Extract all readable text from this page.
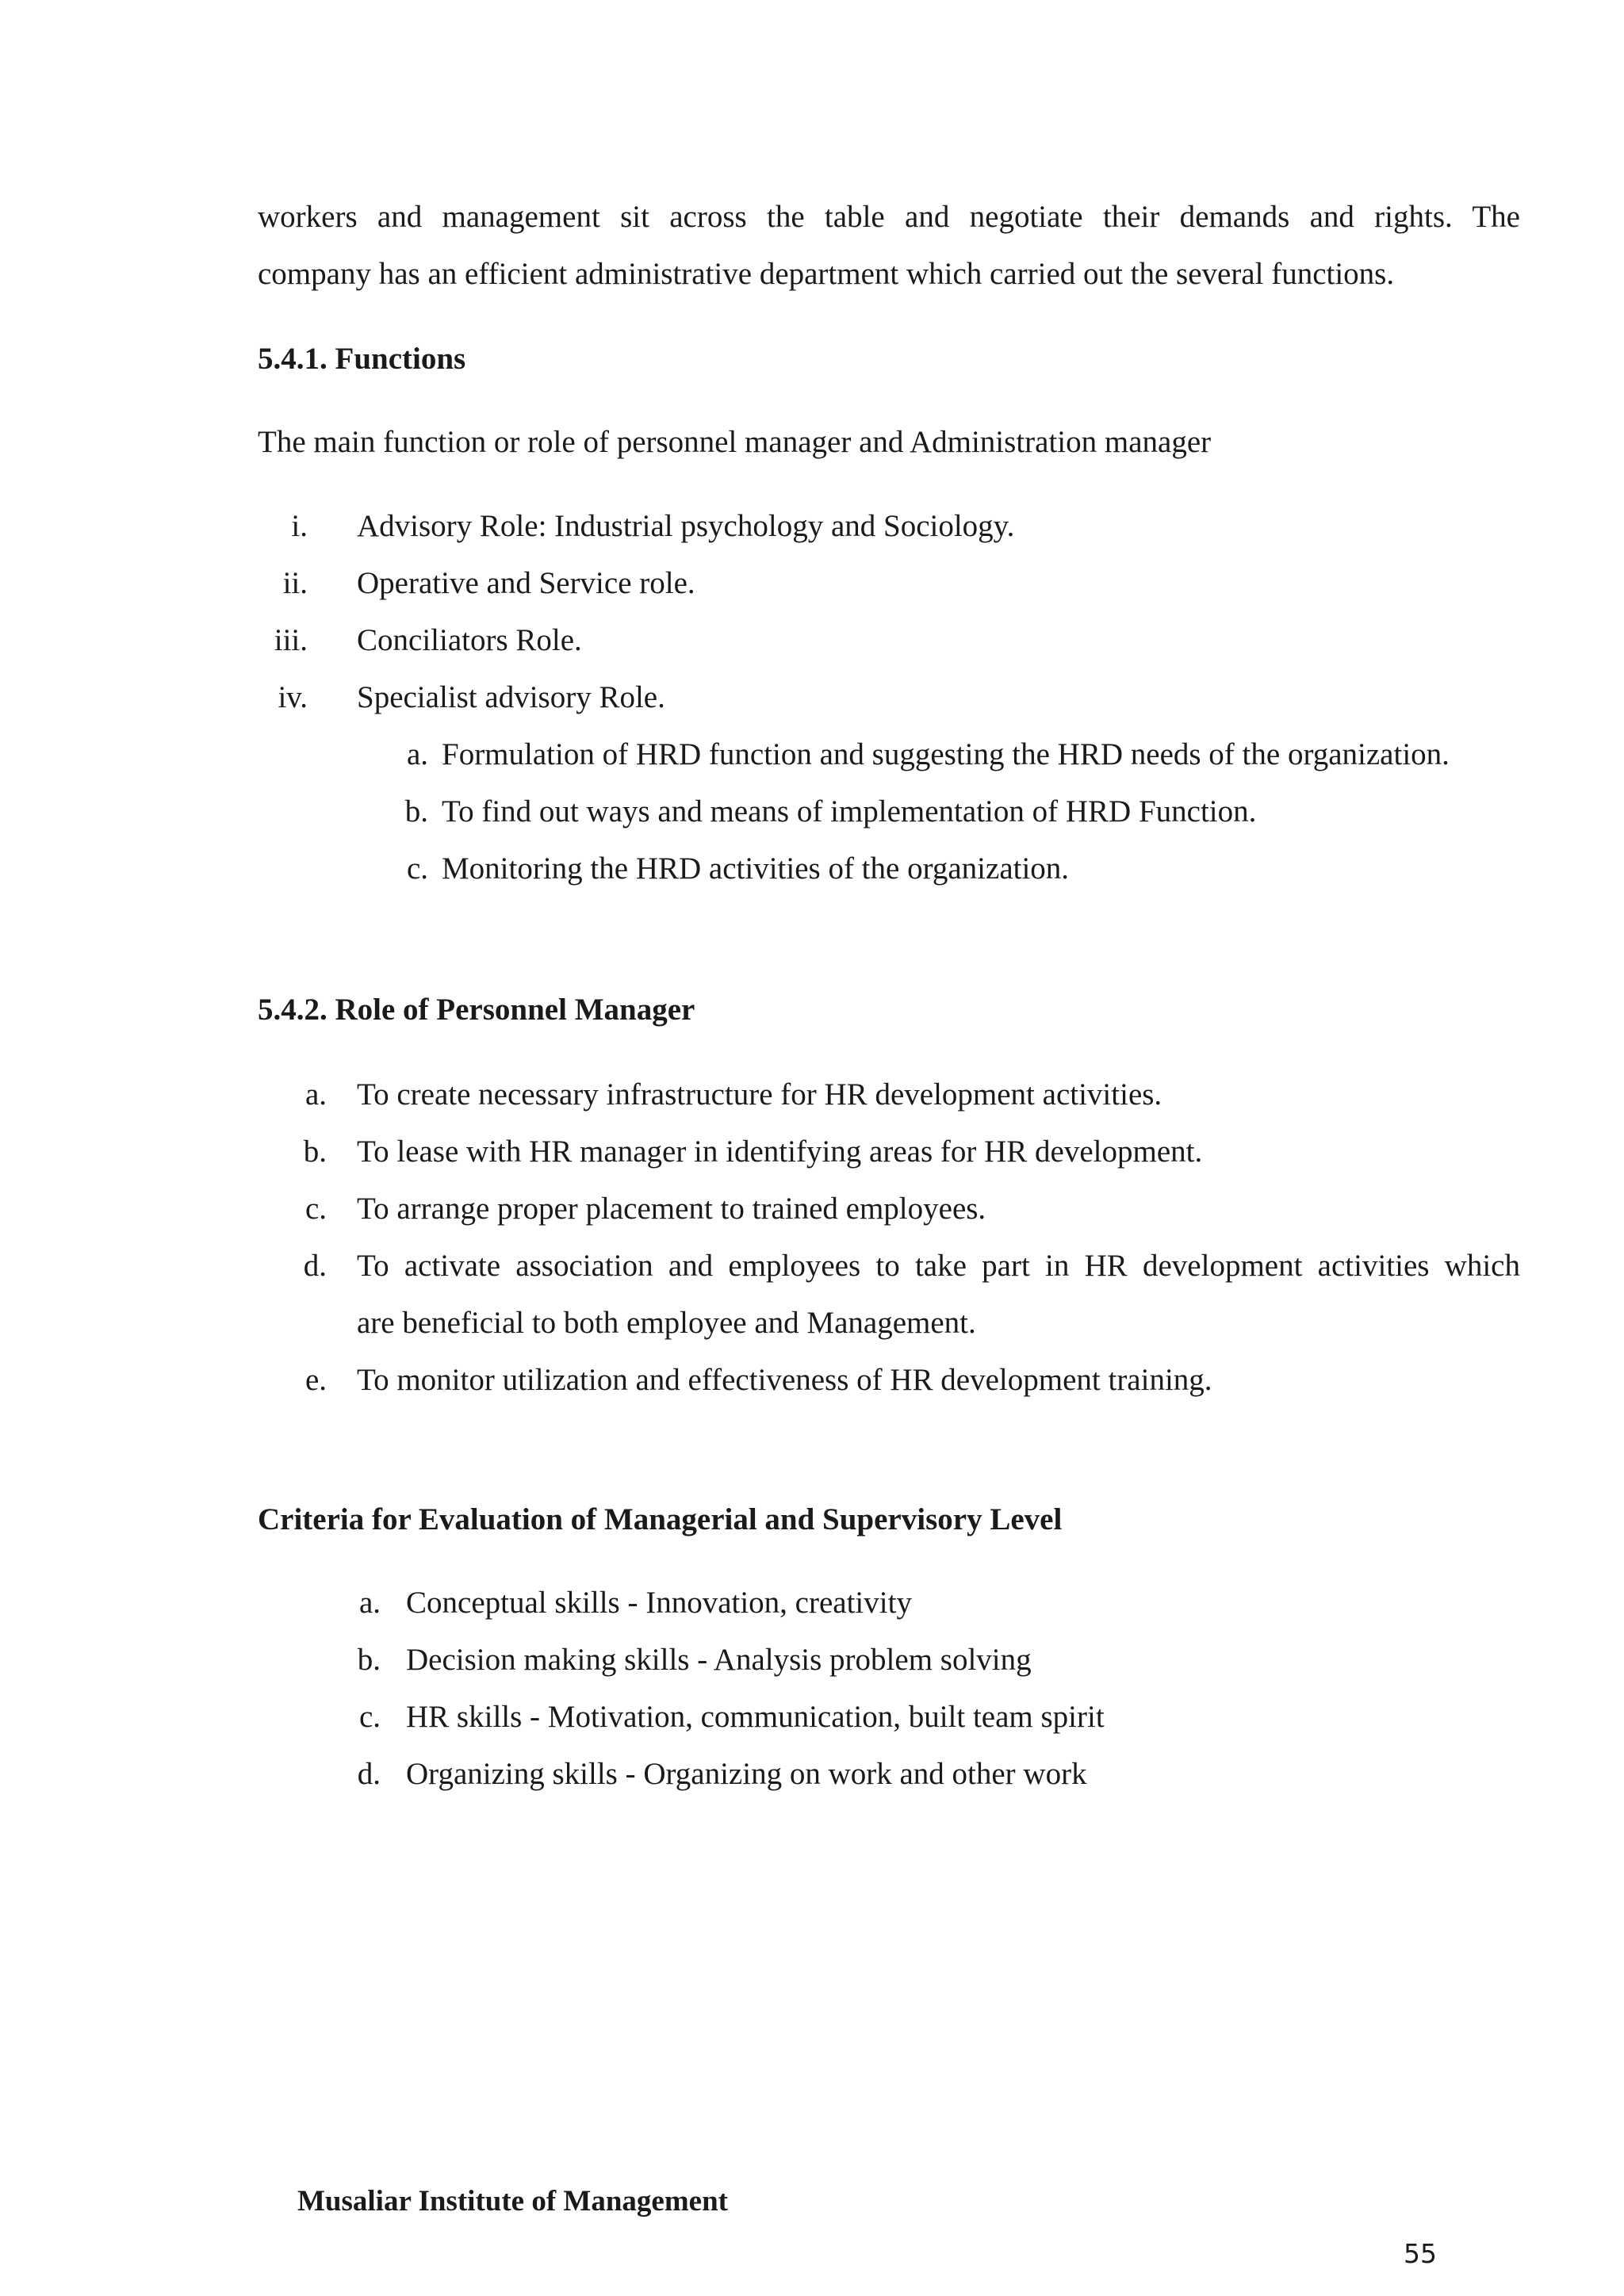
workers and management sit across the table and negotiate their demands and rights. The
company has an efficient administrative department which carried out the several functions.
5.4.1. Functions
The main function or role of personnel manager and Administration manager
i. Advisory Role: Industrial psychology and Sociology.
ii. Operative and Service role.
iii. Conciliators Role.
iv. Specialist advisory Role.
a. Formulation of HRD function and suggesting the HRD needs of the organization.
b. To find out ways and means of implementation of HRD Function.
c. Monitoring the HRD activities of the organization.
5.4.2. Role of Personnel Manager
a. To create necessary infrastructure for HR development activities.
b. To lease with HR manager in identifying areas for HR development.
c. To arrange proper placement to trained employees.
d. To activate association and employees to take part in HR development activities which
are beneficial to both employee and Management.
e. To monitor utilization and effectiveness of HR development training.
Criteria for Evaluation of Managerial and Supervisory Level
a. Conceptual skills - Innovation, creativity
b. Decision making skills - Analysis problem solving
c. HR skills - Motivation, communication, built team spirit
d. Organizing skills - Organizing on work and other work
Musaliar Institute of Management
55
